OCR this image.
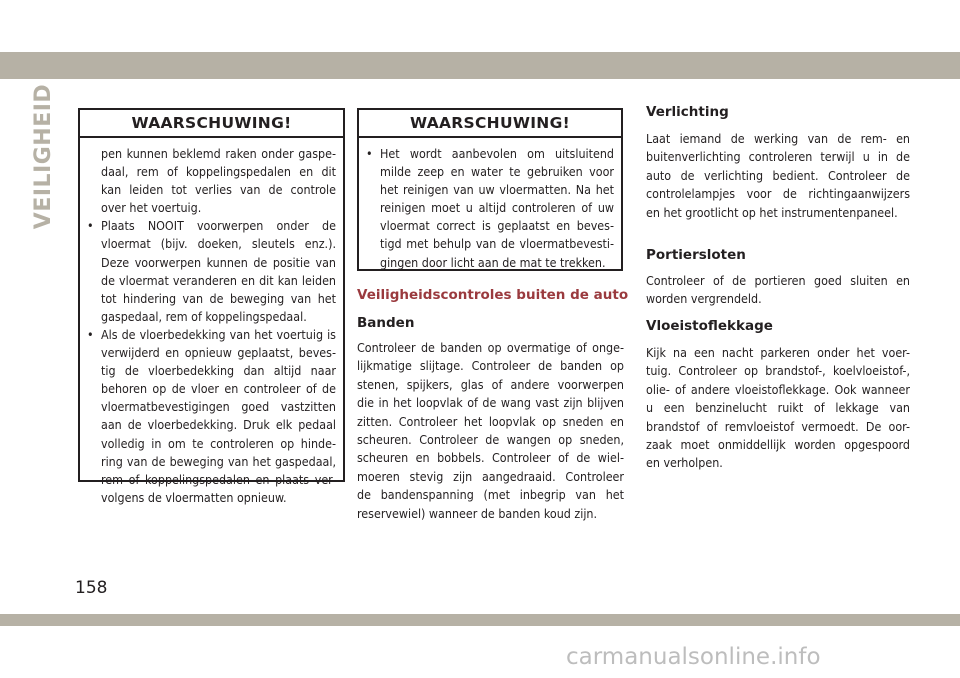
VEILIGHEID	WAARSCHUWING!
pen kunnen beklemd raken onder gaspe-
daal, rem of koppelingspedalen en dit
kan leiden tot verlies van de controle
over het voertuig.
• Plaats NOOIT voorwerpen onder de
vloermat (bijv. doeken, sleutels enz.).
Deze voorwerpen kunnen de positie van
de vloermat veranderen en dit kan leiden
tot hindering van de beweging van het
gaspedaal, rem of koppelingspedaal.
• Als de vloerbedekking van het voertuig is
verwijderd en opnieuw geplaatst, beves-
tig de vloerbedekking dan altijd naar
behoren op de vloer en controleer of de
vloermatbevestigingen goed vastzitten
aan de vloerbedekking. Druk elk pedaal
volledig in om te controleren op hinde-
ring van de beweging van het gaspedaal,
rem of koppelingspedalen en plaats ver-
volgens de vloermatten opnieuw.
WAARSCHUWING!
• Het wordt aanbevolen om uitsluitend
milde zeep en water te gebruiken voor
het reinigen van uw vloermatten. Na het
reinigen moet u altijd controleren of uw
vloermat correct is geplaatst en beves-
tigd met behulp van de vloermatbevesti-
gingen door licht aan de mat te trekken.
Veiligheidscontroles buiten de auto
Banden
Controleer de banden op overmatige of onge-
lijkmatige slijtage. Controleer de banden op
stenen, spijkers, glas of andere voorwerpen
die in het loopvlak of de wang vast zijn blijven
zitten. Controleer het loopvlak op sneden en
scheuren. Controleer de wangen op sneden,
scheuren en bobbels. Controleer of de wiel-
moeren stevig zijn aangedraaid. Controleer
de bandenspanning (met inbegrip van het
reservewiel) wanneer de banden koud zijn.
Verlichting
Laat iemand de werking van de rem- en
buitenverlichting controleren terwijl u in de
auto de verlichting bedient. Controleer de
controlelampjes voor de richtingaanwijzers
en het grootlicht op het instrumentenpaneel.
Portiersloten
Controleer of de portieren goed sluiten en
worden vergrendeld.
Vloeistoflekkage
Kijk na een nacht parkeren onder het voer-
tuig. Controleer op brandstof-, koelvloeistof-,
olie- of andere vloeistoflekkage. Ook wanneer
u een benzinelucht ruikt of lekkage van
brandstof of remvloeistof vermoedt. De oor-
zaak moet onmiddellijk worden opgespoord
en verholpen.
158
carmanualsonline.info
